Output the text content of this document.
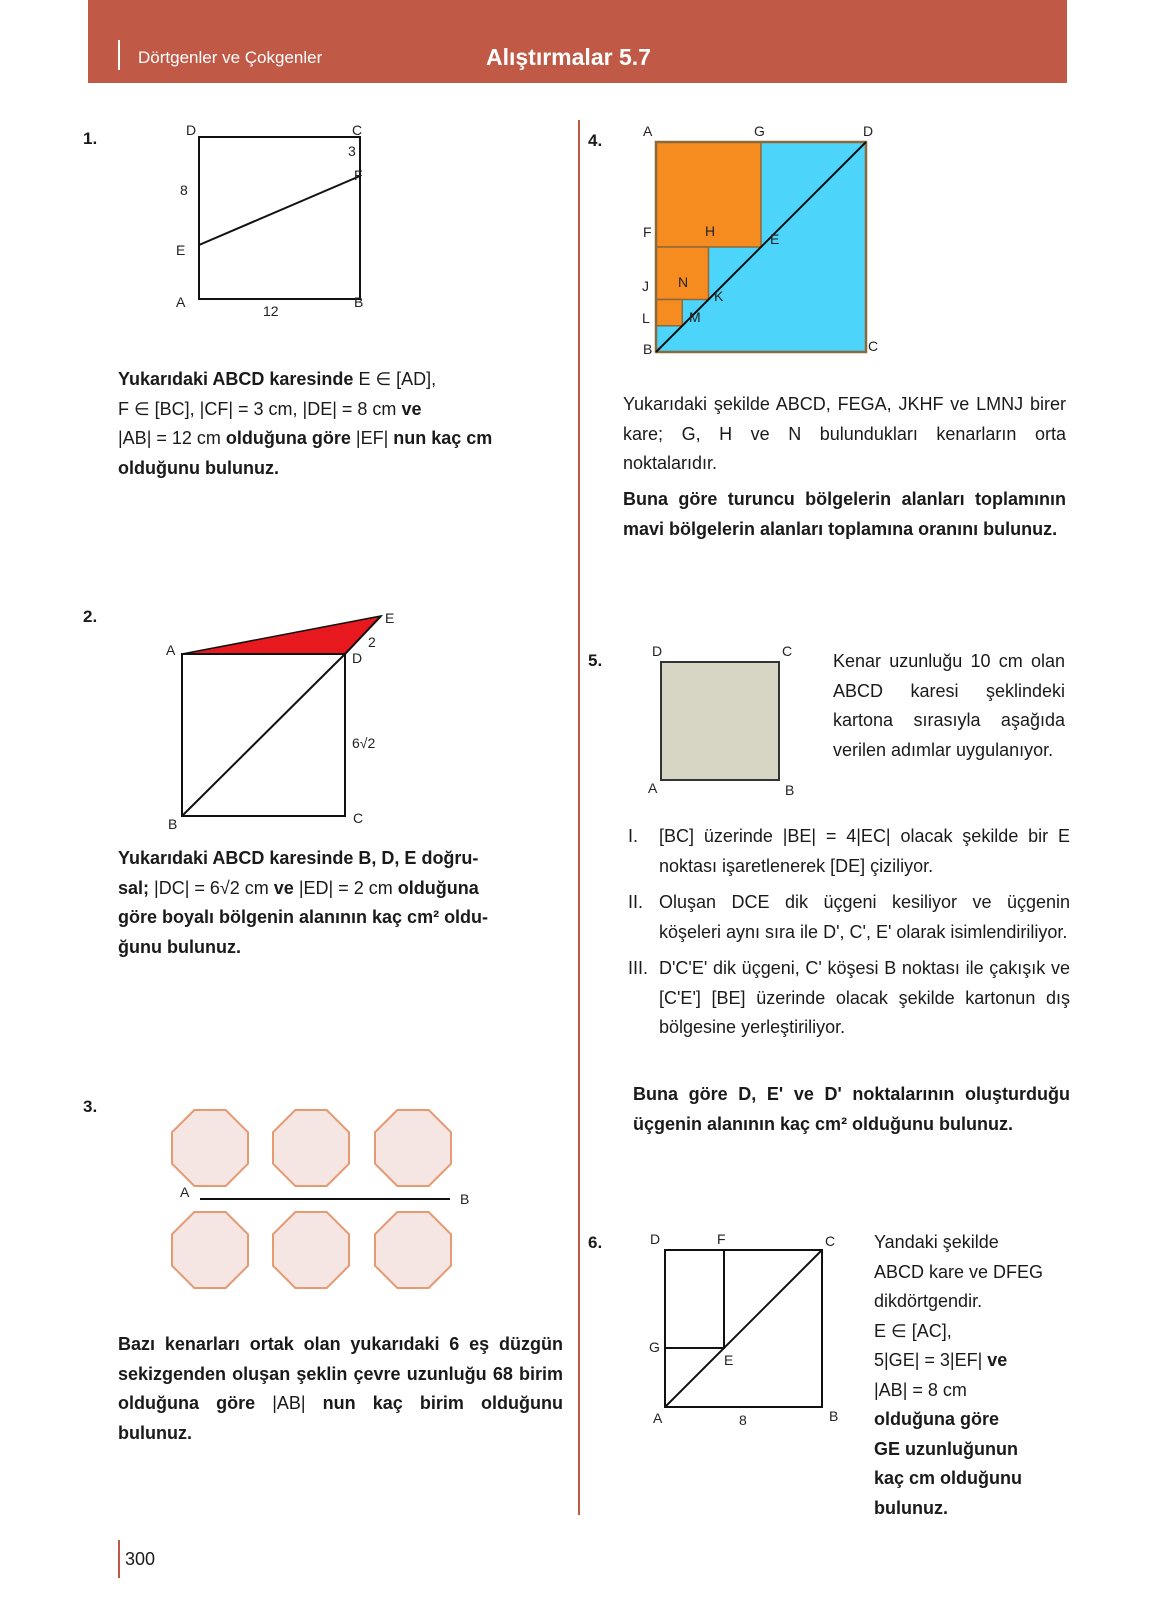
Dörtgenler ve Çokgenler	Alıştırmalar 5.7
1.	D	C
3
F
8
E
A
12
B
Yukarıdaki ABCD karesinde E ∈ [AD],
F ∈ [BC], |CF| = 3 cm, |DE| = 8 cm ve
|AB| = 12 cm olduğuna göre |EF| nun kaç cm
olduğunu bulunuz.
2.
A
E
2
D
6√2
B	C
Yukarıdaki ABCD karesinde B, D, E doğru-
sal; |DC| = 6√2 cm ve |ED| = 2 cm olduğuna
göre boyalı bölgenin alanının kaç cm² oldu-
ğunu bulunuz.
3.
A	B
Bazı kenarları ortak olan yukarıdaki 6 eş düzgün sekizgenden oluşan şeklin çevre uzunluğu 68 birim olduğuna göre |AB| nun kaç birim olduğunu bulunuz.
4.	A	G	D
F	H	E
J N
K
L	M
B	C
Yukarıdaki şekilde ABCD, FEGA, JKHF ve LMNJ birer kare; G, H ve N bulundukları kenarların orta noktalarıdır.
Buna göre turuncu bölgelerin alanları toplamının mavi bölgelerin alanları toplamına oranını bulunuz.
5.	D	C
A	B
Kenar uzunluğu 10 cm olan ABCD karesi şeklindeki kartona sırasıyla aşağıda verilen adımlar uygulanıyor.
I. [BC] üzerinde |BE| = 4|EC| olacak şekilde bir E noktası işaretlenerek [DE] çiziliyor.
II. Oluşan DCE dik üçgeni kesiliyor ve üçgenin köşeleri aynı sıra ile D', C', E' olarak isimlendiriliyor.
III. D'C'E' dik üçgeni, C' köşesi B noktası ile çakışık ve [C'E'] [BE] üzerinde olacak şekilde kartonun dış bölgesine yerleştiriliyor.
Buna göre D, E' ve D' noktalarının oluşturduğu üçgenin alanının kaç cm² olduğunu bulunuz.
6.	D	F	C
G
E
A	8	B
Yandaki şekilde
ABCD kare ve DFEG
dikdörtgendir.
E ∈ [AC],
5|GE| = 3|EF| ve
|AB| = 8 cm
olduğuna göre
GE uzunluğunun
kaç cm olduğunu
bulunuz.
300
